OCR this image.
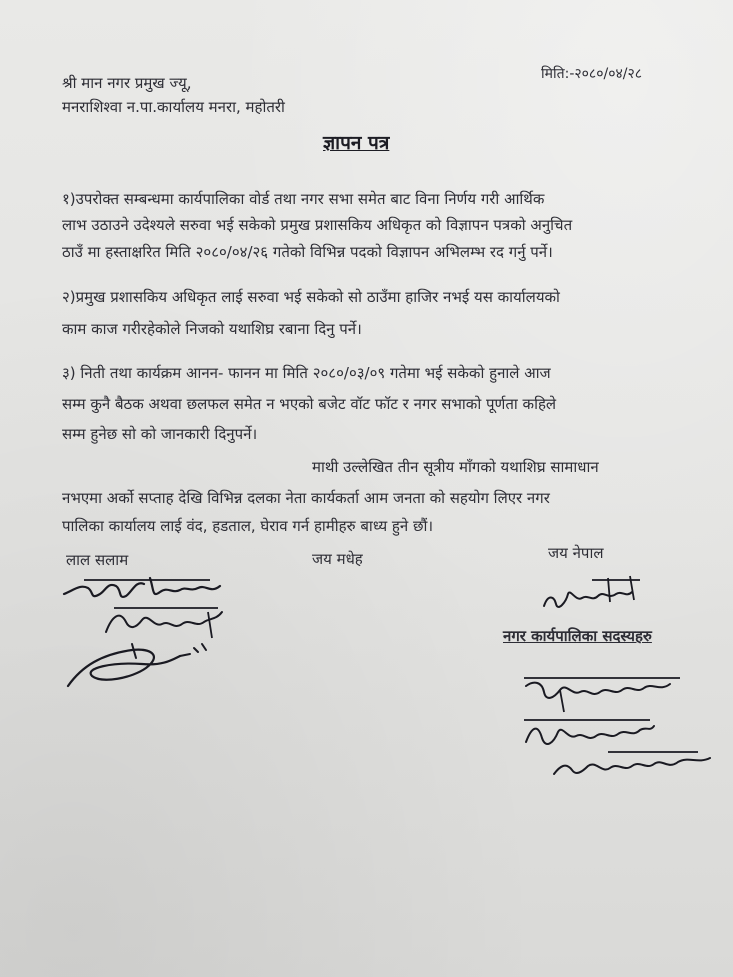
श्री मान नगर प्रमुख ज्यू,
मनराशिश्वा न.पा.कार्यालय मनरा, महोतरी
मिति:-२०८०/०४/२८
ज्ञापन पत्र
१)उपरोक्त सम्बन्धमा कार्यपालिका वोर्ड तथा नगर सभा समेत बाट विना निर्णय गरी आर्थिक
लाभ उठाउने उदेश्यले सरुवा भई सकेको प्रमुख प्रशासकिय अधिकृत को विज्ञापन पत्रको अनुचित
ठाउँ मा हस्ताक्षरित मिति २०८०/०४/२६ गतेको विभिन्न पदको विज्ञापन अभिलम्भ रद गर्नु पर्ने।
२)प्रमुख प्रशासकिय अधिकृत लाई सरुवा भई सकेको सो ठाउँमा हाजिर नभई यस कार्यालयको
काम काज गरीरहेकोले निजको यथाशिघ्र रबाना दिनु पर्ने।
३) निती तथा कार्यक्रम आनन- फानन मा मिति २०८०/०३/०९ गतेमा भई सकेको हुनाले आज
सम्म कुनै बैठक अथवा छलफल समेत न भएको बजेट वॉट फॉट र नगर सभाको पूर्णता कहिले
सम्म हुनेछ सो को जानकारी दिनुपर्ने।
माथी उल्लेखित तीन सूत्रीय माँगको यथाशिघ्र सामाधान
नभएमा अर्को सप्ताह देखि विभिन्न दलका नेता कार्यकर्ता आम जनता को सहयोग लिएर नगर
पालिका कार्यालय लाई वंद, हडताल, घेराव गर्न हामीहरु बाध्य हुने छौं।
लाल सलाम	जय मधेह	जय नेपाल
नगर कार्यपालिका सदस्यहरु
